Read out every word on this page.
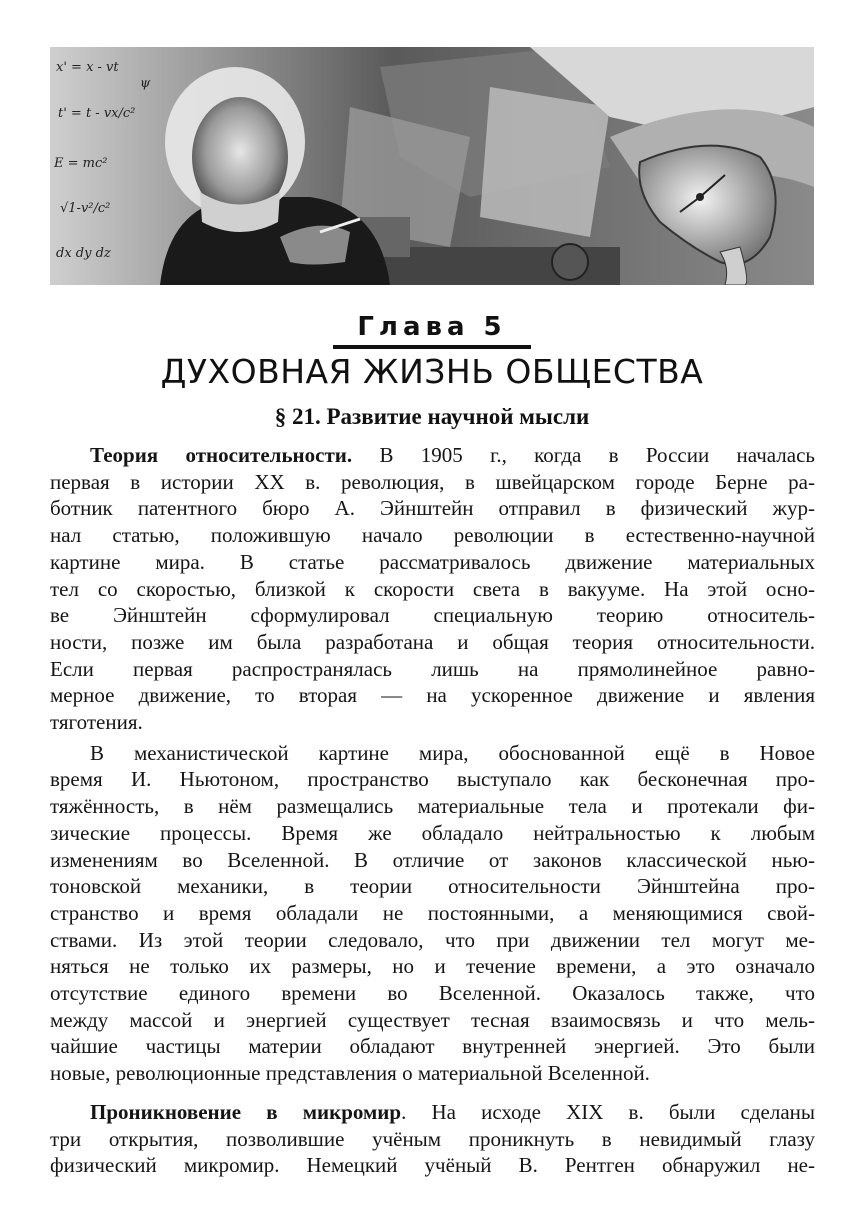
x' = x - vt
t' = t - vx/c²
E = mc²
√1-v²/c²
dx dy dz
ψ
Глава 5
ДУХОВНАЯ ЖИЗНЬ ОБЩЕСТВА
§ 21. Развитие научной мысли
Теория относительности. В 1905 г., когда в России началась
первая в истории XX в. революция, в швейцарском городе Берне ра-
ботник патентного бюро А. Эйнштейн отправил в физический жур-
нал статью, положившую начало революции в естественно-научной
картине мира. В статье рассматривалось движение материальных
тел со скоростью, близкой к скорости света в вакууме. На этой осно-
ве Эйнштейн сформулировал специальную теорию относитель-
ности, позже им была разработана и общая теория относительности.
Если первая распространялась лишь на прямолинейное равно-
мерное движение, то вторая — на ускоренное движение и явления
тяготения.
В механистической картине мира, обоснованной ещё в Новое
время И. Ньютоном, пространство выступало как бесконечная про-
тяжённость, в нём размещались материальные тела и протекали фи-
зические процессы. Время же обладало нейтральностью к любым
изменениям во Вселенной. В отличие от законов классической нью-
тоновской механики, в теории относительности Эйнштейна про-
странство и время обладали не постоянными, а меняющимися свой-
ствами. Из этой теории следовало, что при движении тел могут ме-
няться не только их размеры, но и течение времени, а это означало
отсутствие единого времени во Вселенной. Оказалось также, что
между массой и энергией существует тесная взаимосвязь и что мель-
чайшие частицы материи обладают внутренней энергией. Это были
новые, революционные представления о материальной Вселенной.
Проникновение в микромир. На исходе XIX в. были сделаны
три открытия, позволившие учёным проникнуть в невидимый глазу
физический микромир. Немецкий учёный В. Рентген обнаружил не-
